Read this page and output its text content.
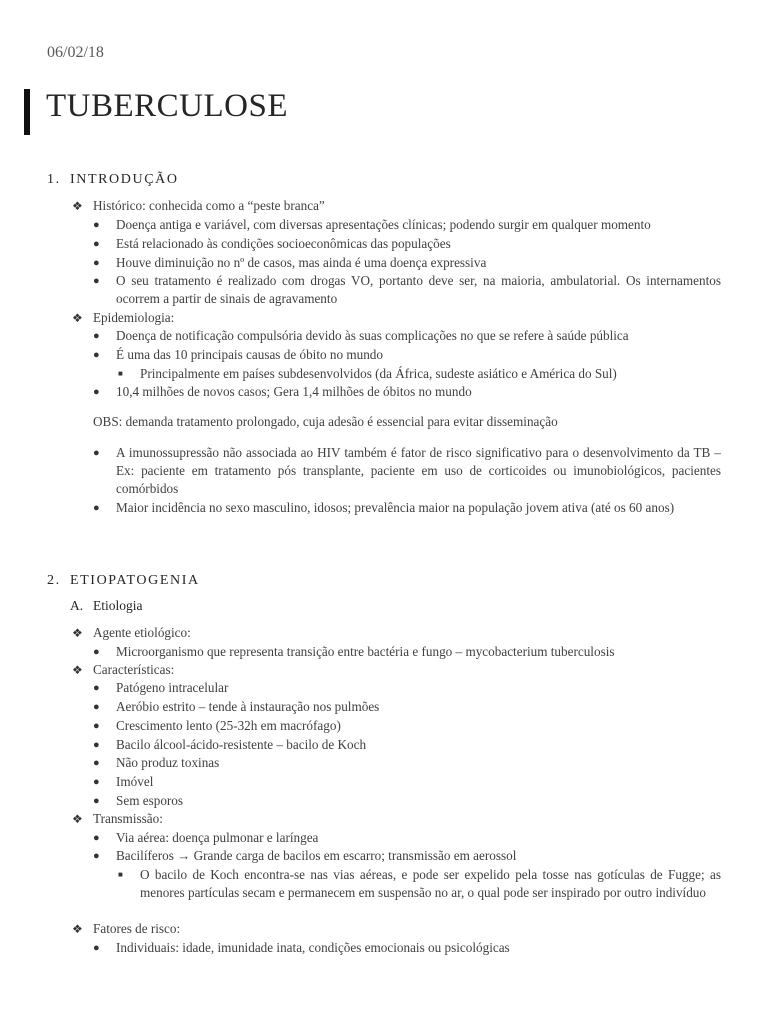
06/02/18
TUBERCULOSE
1. INTRODUÇÃO
❖ Histórico: conhecida como a “peste branca”
● Doença antiga e variável, com diversas apresentações clínicas; podendo surgir em qualquer momento
● Está relacionado às condições socioeconômicas das populações
● Houve diminuição no nº de casos, mas ainda é uma doença expressiva
● O seu tratamento é realizado com drogas VO, portanto deve ser, na maioria, ambulatorial. Os internamentos ocorrem a partir de sinais de agravamento
❖ Epidemiologia:
● Doença de notificação compulsória devido às suas complicações no que se refere à saúde pública
● É uma das 10 principais causas de óbito no mundo
■ Principalmente em países subdesenvolvidos (da África, sudeste asiático e América do Sul)
● 10,4 milhões de novos casos; Gera 1,4 milhões de óbitos no mundo
OBS: demanda tratamento prolongado, cuja adesão é essencial para evitar disseminação
● A imunossupressão não associada ao HIV também é fator de risco significativo para o desenvolvimento da TB – Ex: paciente em tratamento pós transplante, paciente em uso de corticoides ou imunobiológicos, pacientes comórbidos
● Maior incidência no sexo masculino, idosos; prevalência maior na população jovem ativa (até os 60 anos)
2. ETIOPATOGENIA
A. Etiologia
❖ Agente etiológico:
● Microorganismo que representa transição entre bactéria e fungo – mycobacterium tuberculosis
❖ Características:
● Patógeno intracelular
● Aeróbio estrito – tende à instauração nos pulmões
● Crescimento lento (25-32h em macrófago)
● Bacilo álcool-ácido-resistente – bacilo de Koch
● Não produz toxinas
● Imóvel
● Sem esporos
❖ Transmissão:
● Via aérea: doença pulmonar e laríngea
● Bacilíferos → Grande carga de bacilos em escarro; transmissão em aerossol
■ O bacilo de Koch encontra-se nas vias aéreas, e pode ser expelido pela tosse nas gotículas de Fugge; as menores partículas secam e permanecem em suspensão no ar, o qual pode ser inspirado por outro indivíduo
❖ Fatores de risco:
● Individuais: idade, imunidade inata, condições emocionais ou psicológicas
